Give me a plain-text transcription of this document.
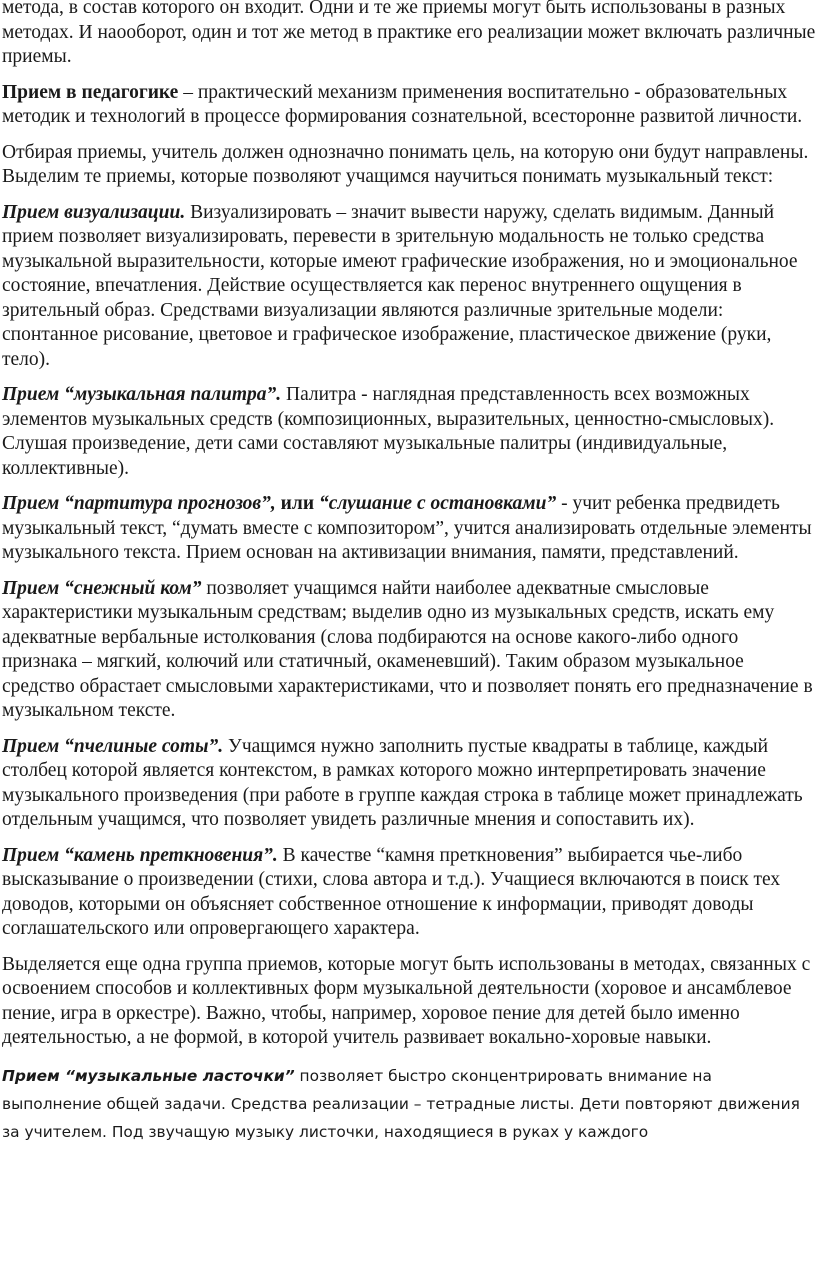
метода, в состав которого он входит. Одни и те же приемы могут быть использованы в разных методах. И наооборот, один и тот же метод в практике его реализации может включать различные приемы.

Прием в педагогике – практический механизм применения воспитательно - образовательных методик и технологий в процессе формирования сознательной, всесторонне развитой личности.

Отбирая приемы, учитель должен однозначно понимать цель, на которую они будут направлены. Выделим те приемы, которые позволяют учащимся научиться понимать музыкальный текст:

Прием визуализации. Визуализировать – значит вывести наружу, сделать видимым. Данный прием позволяет визуализировать, перевести в зрительную модальность не только средства музыкальной выразительности, которые имеют графические изображения, но и эмоциональное состояние, впечатления. Действие осуществляется как перенос внутреннего ощущения в зрительный образ. Средствами визуализации являются различные зрительные модели: спонтанное рисование, цветовое и графическое изображение, пластическое движение (руки, тело).

Прием “музыкальная палитра”. Палитра - наглядная представленность всех возможных элементов музыкальных средств (композиционных, выразительных, ценностно-смысловых). Слушая произведение, дети сами составляют музыкальные палитры (индивидуальные, коллективные).

Прием “партитура прогнозов”, или “слушание с остановками” - учит ребенка предвидеть музыкальный текст, “думать вместе с композитором”, учится анализировать отдельные элементы музыкального текста. Прием основан на активизации внимания, памяти, представлений.

Прием “снежный ком” позволяет учащимся найти наиболее адекватные смысловые характеристики музыкальным средствам; выделив одно из музыкальных средств, искать ему адекватные вербальные истолкования (слова подбираются на основе какого-либо одного признака – мягкий, колючий или статичный, окаменевший). Таким образом музыкальное средство обрастает смысловыми характеристиками, что и позволяет понять его предназначение в музыкальном тексте.

Прием “пчелиные соты”. Учащимся нужно заполнить пустые квадраты в таблице, каждый столбец которой является контекстом, в рамках которого можно интерпретировать значение музыкального произведения (при работе в группе каждая строка в таблице может принадлежать отдельным учащимся, что позволяет увидеть различные мнения и сопоставить их).

Прием “камень преткновения”. В качестве “камня преткновения” выбирается чье-либо высказывание о произведении (стихи, слова автора и т.д.). Учащиеся включаются в поиск тех доводов, которыми он объясняет собственное отношение к информации, приводят доводы соглашательского или опровергающего характера.

Выделяется еще одна группа приемов, которые могут быть использованы в методах, связанных с освоением способов и коллективных форм музыкальной деятельности (хоровое и ансамблевое пение, игра в оркестре). Важно, чтобы, например, хоровое пение для детей было именно деятельностью, а не формой, в которой учитель развивает вокально-хоровые навыки.

Прием “музыкальные ласточки” позволяет быстро сконцентрировать внимание на выполнение общей задачи. Средства реализации – тетрадные листы. Дети повторяют движения за учителем. Под звучащую музыку листочки, находящиеся в руках у каждого
